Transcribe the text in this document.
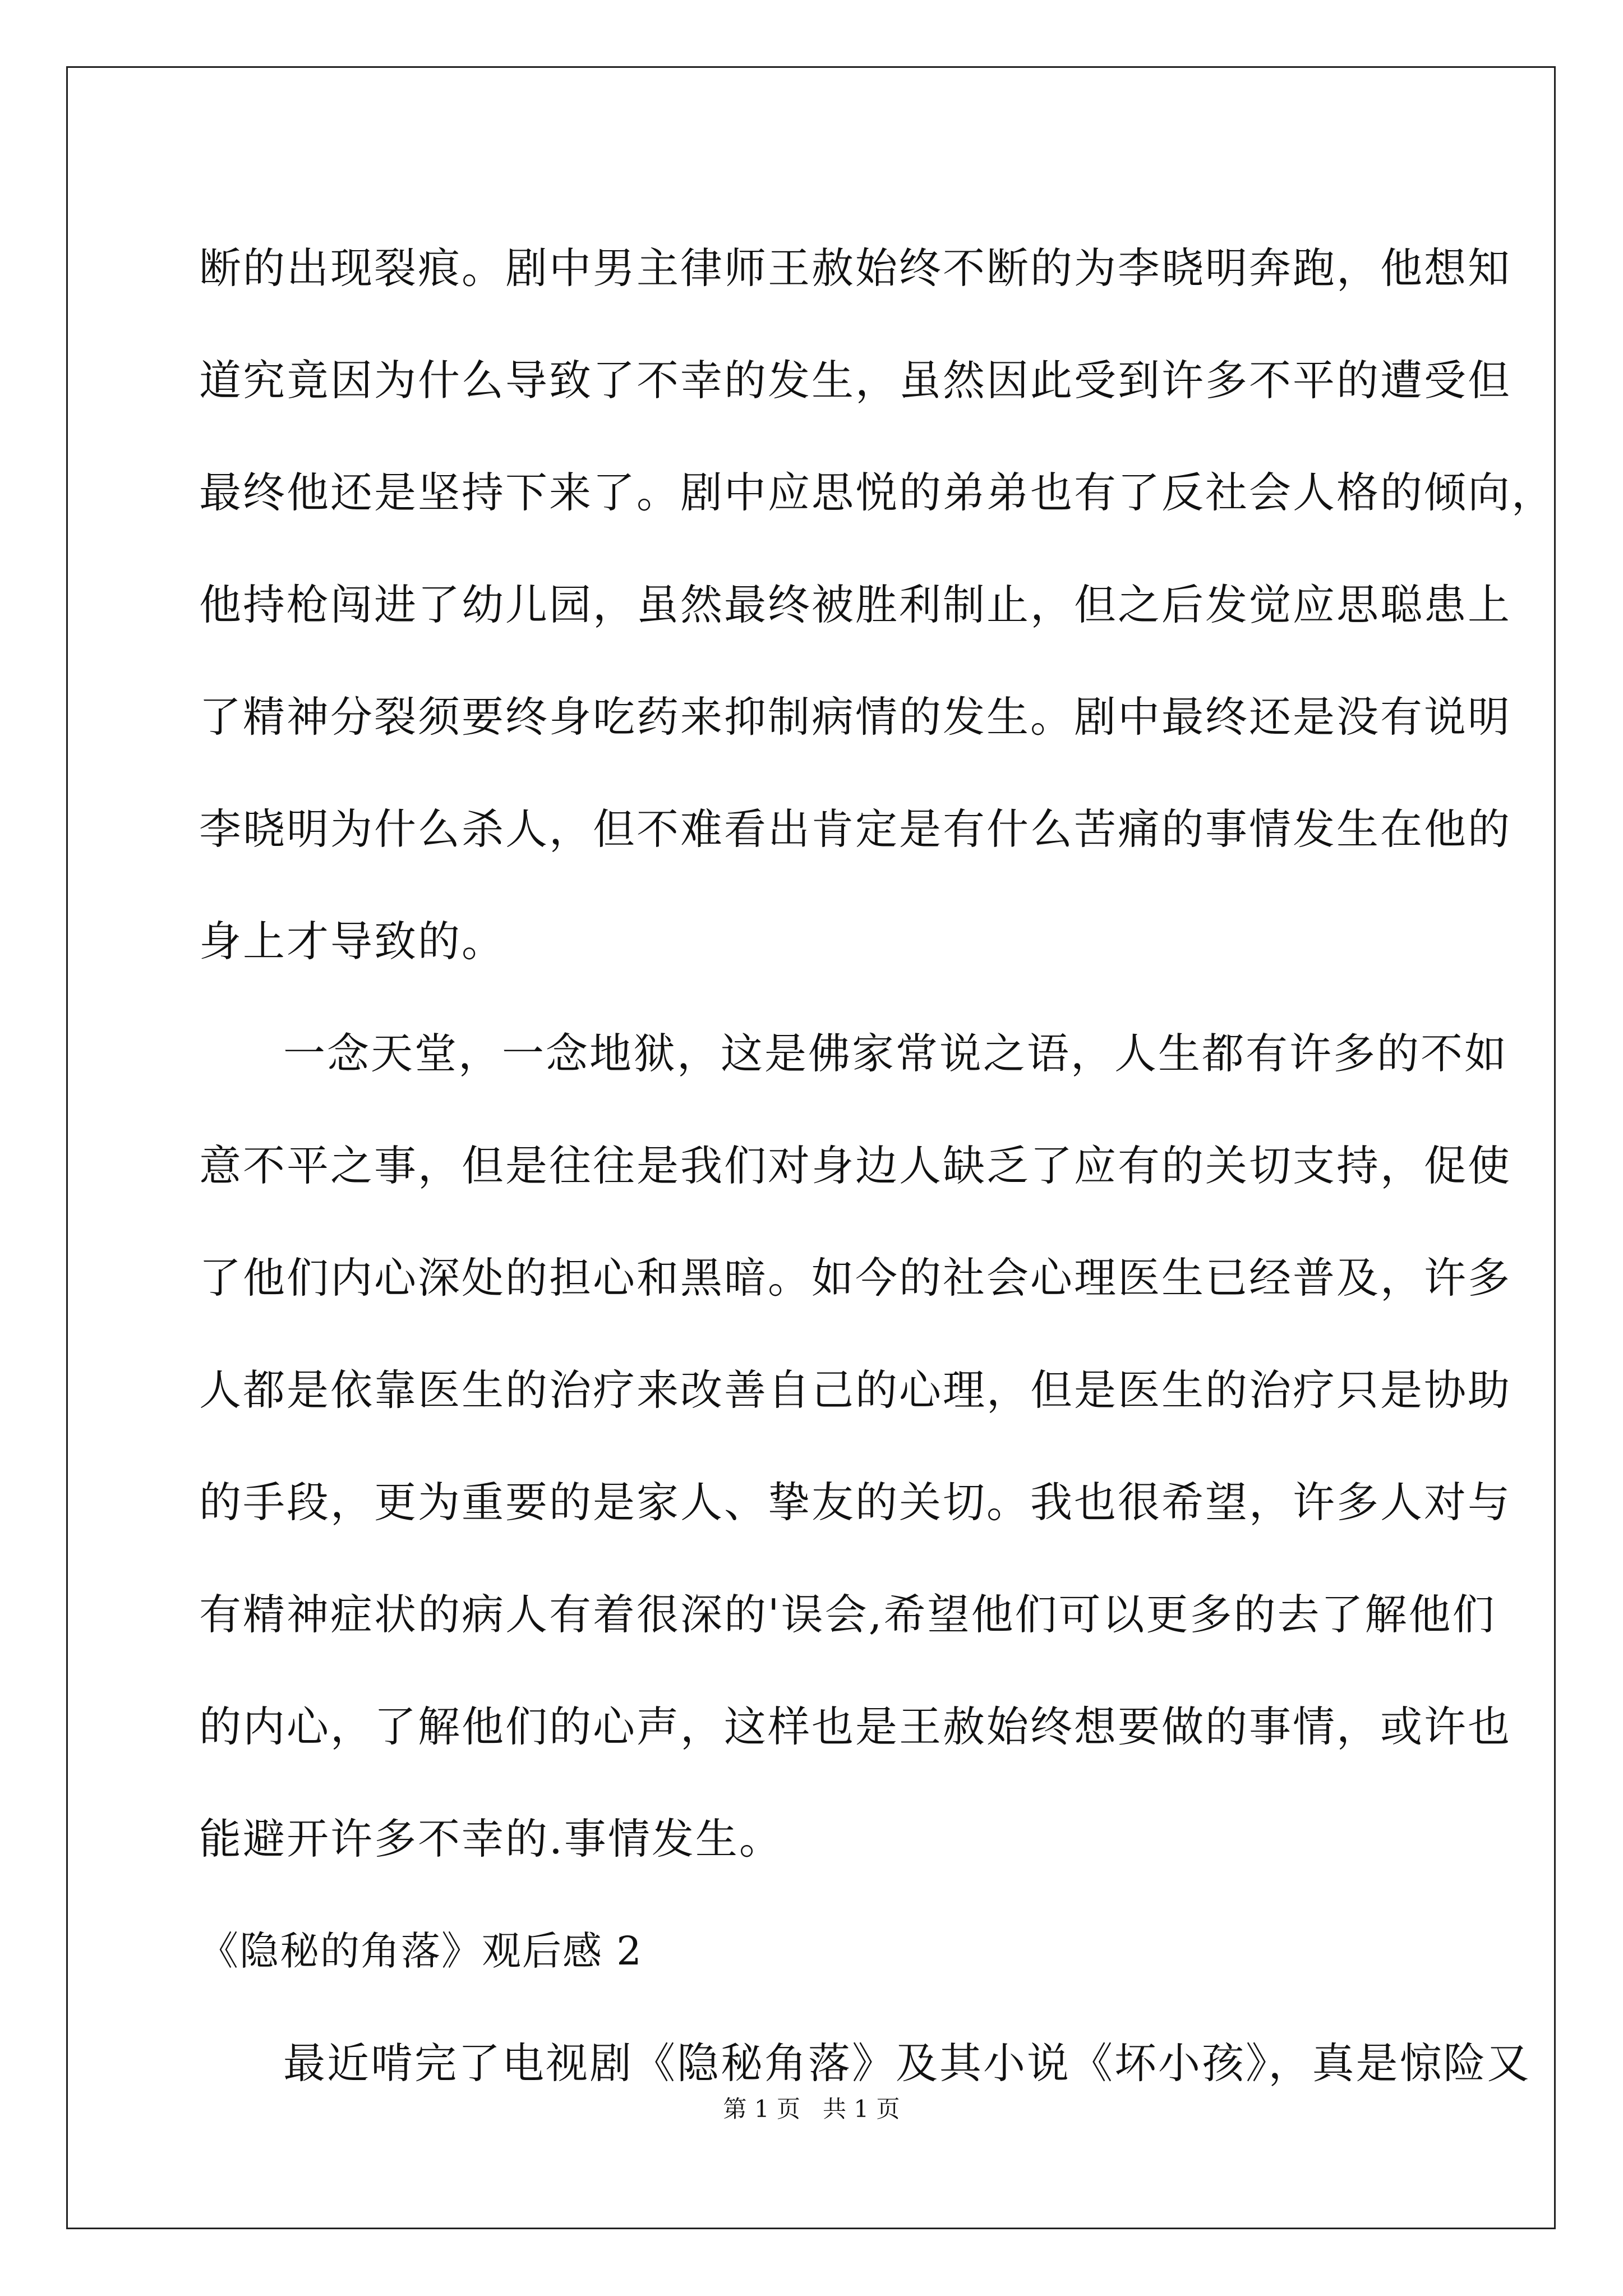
断的出现裂痕。剧中男主律师王赦始终不断的为李晓明奔跑，他想知
道究竟因为什么导致了不幸的发生，虽然因此受到许多不平的遭受但
最终他还是坚持下来了。剧中应思悦的弟弟也有了反社会人格的倾向，
他持枪闯进了幼儿园，虽然最终被胜利制止，但之后发觉应思聪患上
了精神分裂须要终身吃药来抑制病情的发生。剧中最终还是没有说明
李晓明为什么杀人，但不难看出肯定是有什么苦痛的事情发生在他的
身上才导致的。
一念天堂，一念地狱，这是佛家常说之语，人生都有许多的不如
意不平之事，但是往往是我们对身边人缺乏了应有的关切支持，促使
了他们内心深处的担心和黑暗。如今的社会心理医生已经普及，许多
人都是依靠医生的治疗来改善自己的心理，但是医生的治疗只是协助
的手段，更为重要的是家人、挚友的关切。我也很希望，许多人对与
有精神症状的病人有着很深的'误会,希望他们可以更多的去了解他们
的内心，了解他们的心声，这样也是王赦始终想要做的事情，或许也
能避开许多不幸的.事情发生。
《隐秘的角落》观后感 2
最近啃完了电视剧《隐秘角落》及其小说《坏小孩》，真是惊险又
第 1 页   共 1 页
